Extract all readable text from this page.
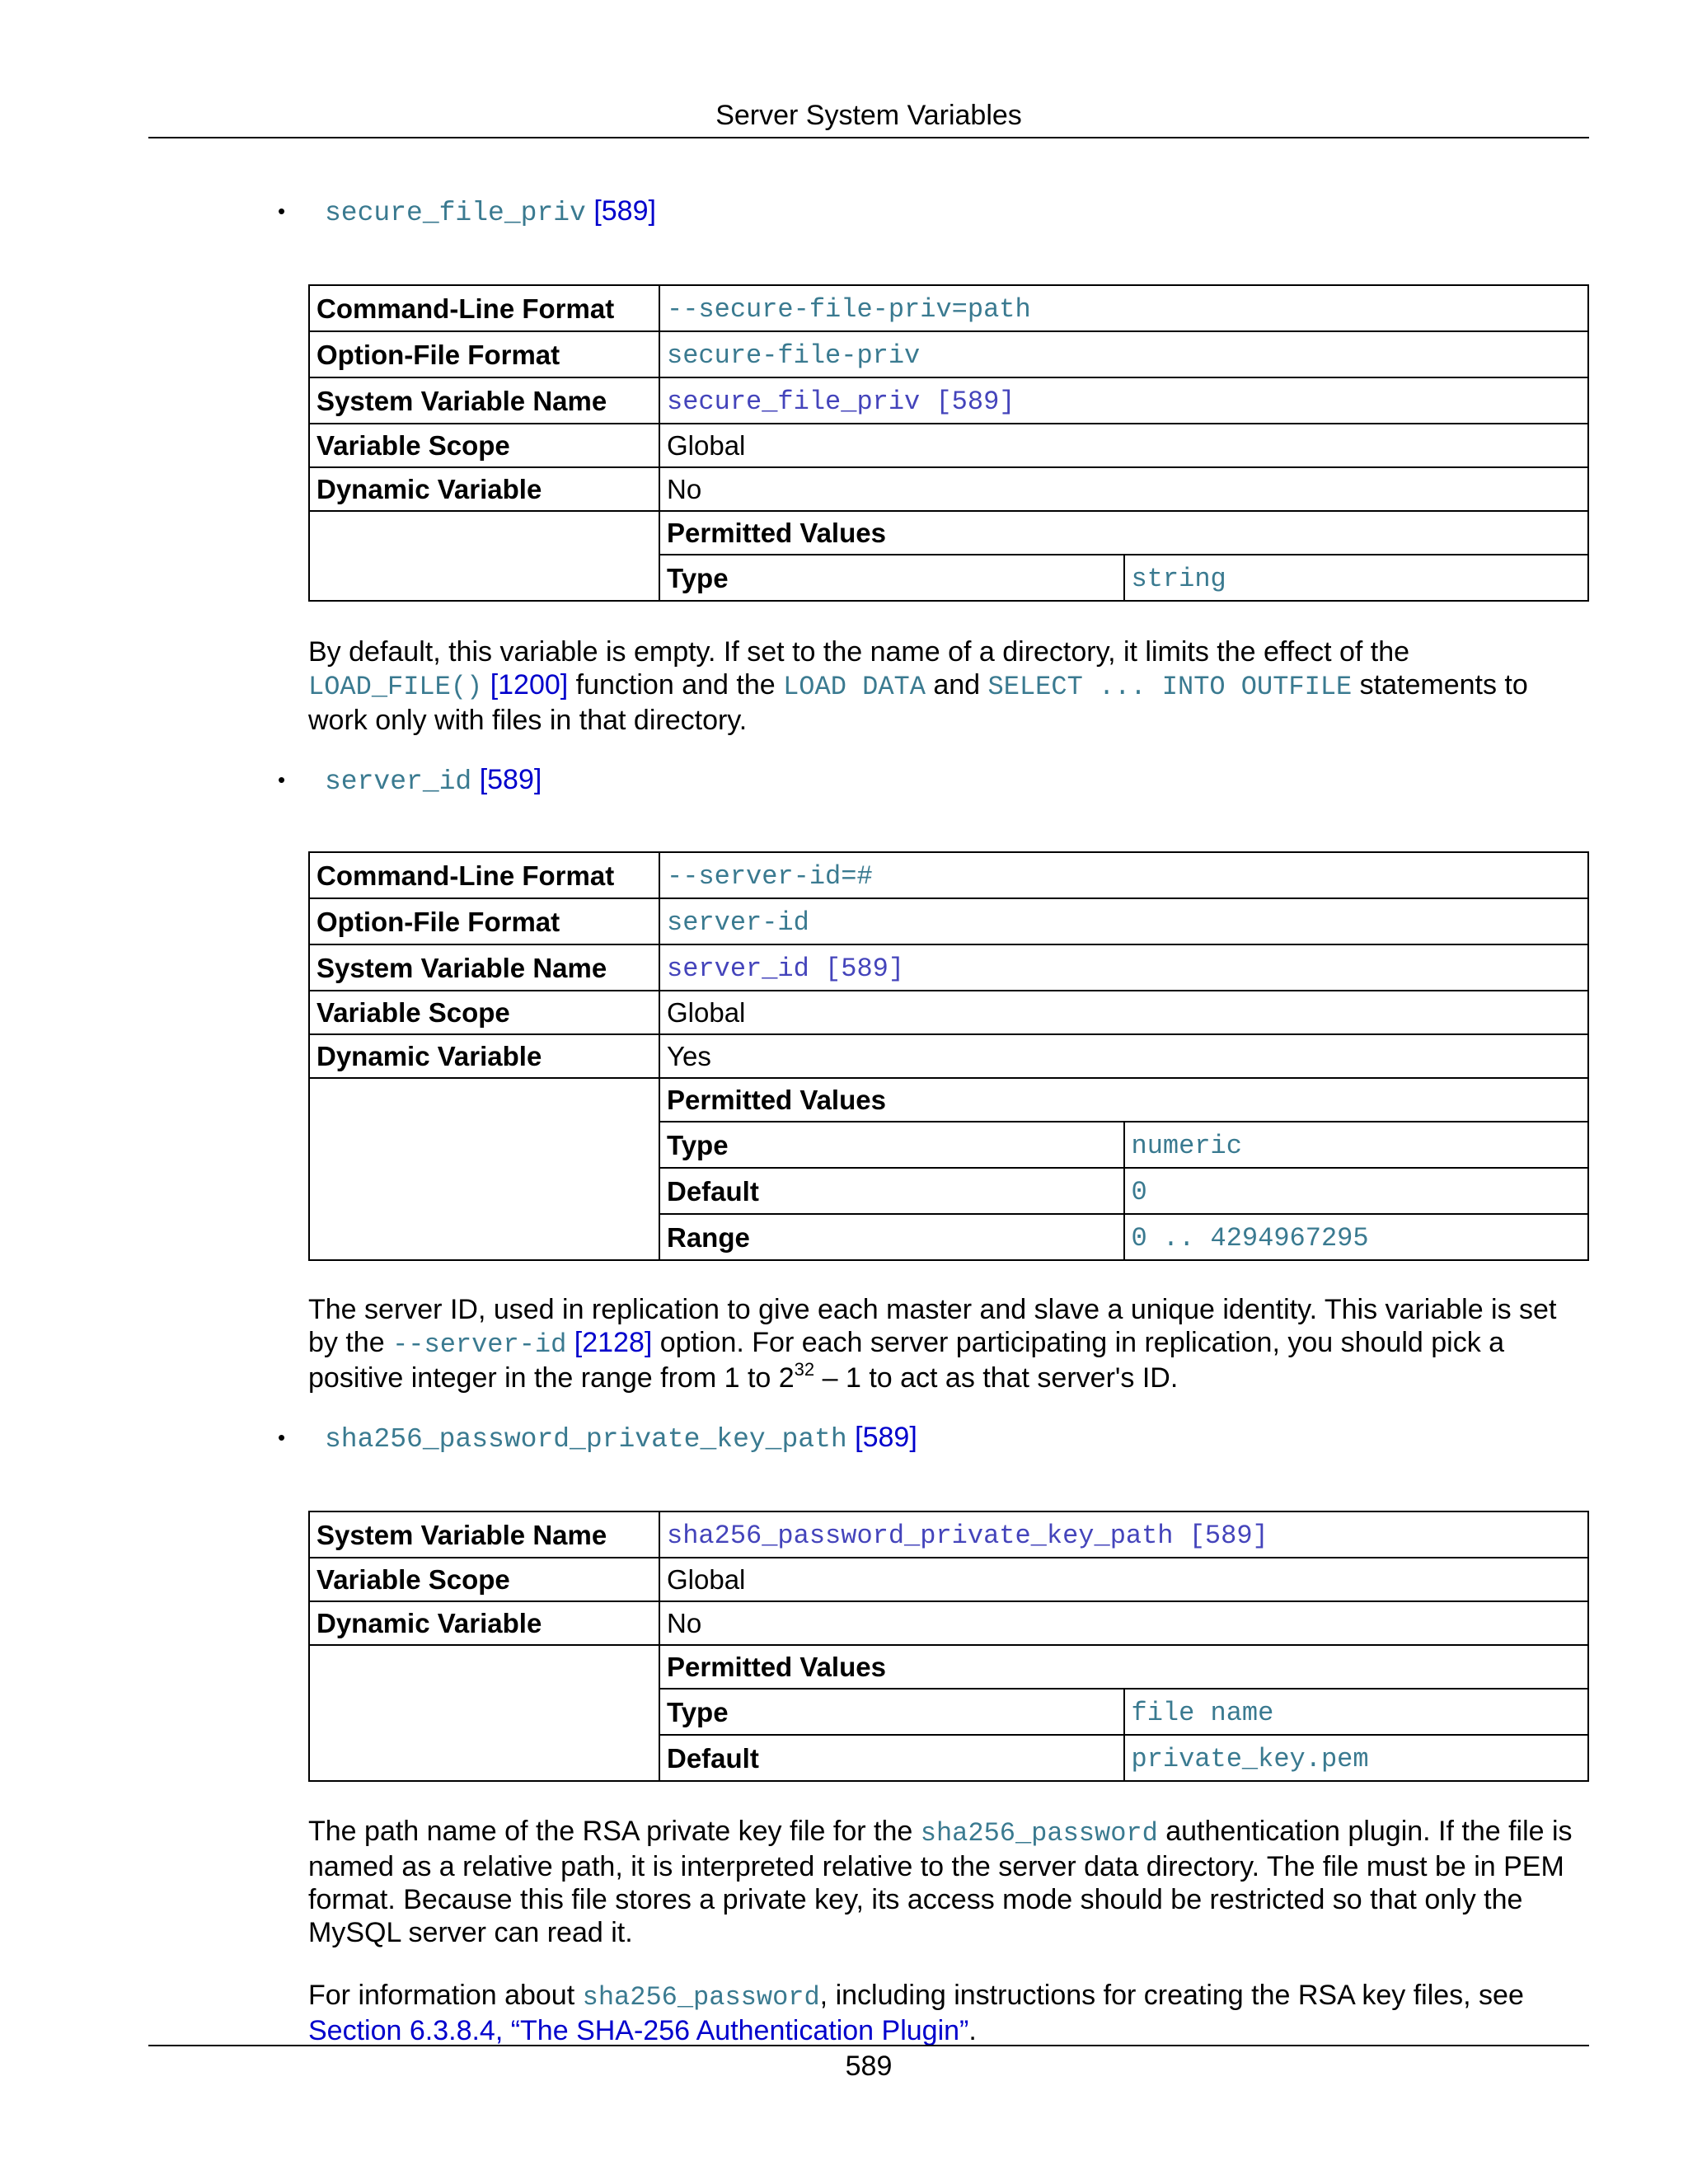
Server System Variables
• secure_file_priv [589]
Command-Line Format	--secure-file-priv=path	
Option-File Format	secure-file-priv	
System Variable Name	secure_file_priv [589]	
Variable Scope	Global	
Dynamic Variable	No	
	Permitted Values	
	Type	string
By default, this variable is empty. If set to the name of a directory, it limits the effect of the
LOAD_FILE() [1200] function and the LOAD DATA and SELECT ... INTO OUTFILE statements to work only with files in that directory.
• server_id [589]
Command-Line Format	--server-id=#	
Option-File Format	server-id	
System Variable Name	server_id [589]	
Variable Scope	Global	
Dynamic Variable	Yes	
	Permitted Values	
	Type	numeric
	Default	0
	Range	0 .. 4294967295
The server ID, used in replication to give each master and slave a unique identity. This variable is set by the --server-id [2128] option. For each server participating in replication, you should pick a positive integer in the range from 1 to $2^{32} - 1$ to act as that server's ID.
• sha256_password_private_key_path [589]
System Variable Name	sha256_password_private_key_path [589]	
Variable Scope	Global	
Dynamic Variable	No	
	Permitted Values	
	Type	file name
	Default	private_key.pem
The path name of the RSA private key file for the sha256_password authentication plugin. If the file is named as a relative path, it is interpreted relative to the server data directory. The file must be in PEM format. Because this file stores a private key, its access mode should be restricted so that only the MySQL server can read it.
For information about sha256_password, including instructions for creating the RSA key files, see Section 6.3.8.4, “The SHA-256 Authentication Plugin”.
589
